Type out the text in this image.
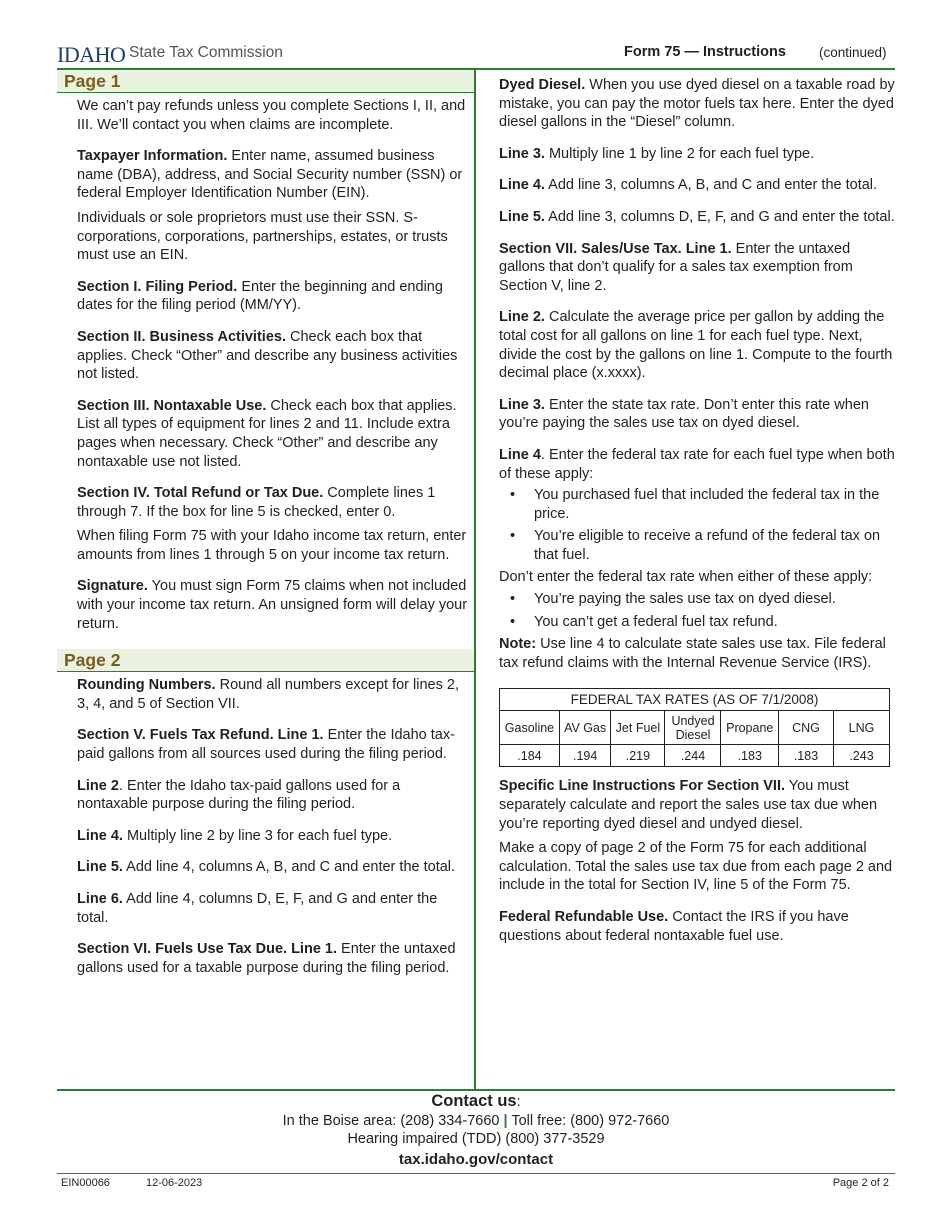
IDAHO State Tax Commission	Form 75 — Instructions (continued)
Page 1

We can’t pay refunds unless you complete Sections I, II, and III. We’ll contact you when claims are incomplete.

Taxpayer Information. Enter name, assumed business name (DBA), address, and Social Security number (SSN) or federal Employer Identification Number (EIN).

Individuals or sole proprietors must use their SSN. S-corporations, corporations, partnerships, estates, or trusts must use an EIN.

Section I. Filing Period. Enter the beginning and ending dates for the filing period (MM/YY).

Section II. Business Activities. Check each box that applies. Check “Other” and describe any business activities not listed.

Section III. Nontaxable Use. Check each box that applies. List all types of equipment for lines 2 and 11. Include extra pages when necessary. Check “Other” and describe any nontaxable use not listed.

Section IV. Total Refund or Tax Due. Complete lines 1 through 7. If the box for line 5 is checked, enter 0.

When filing Form 75 with your Idaho income tax return, enter amounts from lines 1 through 5 on your income tax return.

Signature. You must sign Form 75 claims when not included with your income tax return. An unsigned form will delay your return.

Page 2

Rounding Numbers. Round all numbers except for lines 2, 3, 4, and 5 of Section VII.

Section V. Fuels Tax Refund. Line 1. Enter the Idaho tax-paid gallons from all sources used during the filing period.

Line 2. Enter the Idaho tax-paid gallons used for a nontaxable purpose during the filing period.

Line 4. Multiply line 2 by line 3 for each fuel type.

Line 5. Add line 4, columns A, B, and C and enter the total.

Line 6. Add line 4, columns D, E, F, and G and enter the total.

Section VI. Fuels Use Tax Due. Line 1. Enter the untaxed gallons used for a taxable purpose during the filing period.

Dyed Diesel. When you use dyed diesel on a taxable road by mistake, you can pay the motor fuels tax here. Enter the dyed diesel gallons in the “Diesel” column.

Line 3. Multiply line 1 by line 2 for each fuel type.

Line 4. Add line 3, columns A, B, and C and enter the total.

Line 5. Add line 3, columns D, E, F, and G and enter the total.

Section VII. Sales/Use Tax. Line 1. Enter the untaxed gallons that don’t qualify for a sales tax exemption from Section V, line 2.

Line 2. Calculate the average price per gallon by adding the total cost for all gallons on line 1 for each fuel type. Next, divide the cost by the gallons on line 1. Compute to the fourth decimal place (x.xxxx).

Line 3. Enter the state tax rate. Don’t enter this rate when you’re paying the sales use tax on dyed diesel.

Line 4. Enter the federal tax rate for each fuel type when both of these apply:

• You purchased fuel that included the federal tax in the price.
• You’re eligible to receive a refund of the federal tax on that fuel.

Don’t enter the federal tax rate when either of these apply:

• You’re paying the sales use tax on dyed diesel.
• You can’t get a federal fuel tax refund.

Note: Use line 4 to calculate state sales use tax. File federal tax refund claims with the Internal Revenue Service (IRS).

FEDERAL TAX RATES (AS OF 7/1/2008)						
Gasoline	AV Gas	Jet Fuel	Undyed Diesel	Propane	CNG	LNG
.184	.194	.219	.244	.183	.183	.243

Specific Line Instructions For Section VII. You must separately calculate and report the sales use tax due when you’re reporting dyed diesel and undyed diesel.

Make a copy of page 2 of the Form 75 for each additional calculation. Total the sales use tax due from each page 2 and include in the total for Section IV, line 5 of the Form 75.

Federal Refundable Use. Contact the IRS if you have questions about federal nontaxable fuel use.

Contact us:
In the Boise area: (208) 334-7660 | Toll free: (800) 972-7660
Hearing impaired (TDD) (800) 377-3529
tax.idaho.gov/contact
EIN00066	12-06-2023	Page 2 of 2
